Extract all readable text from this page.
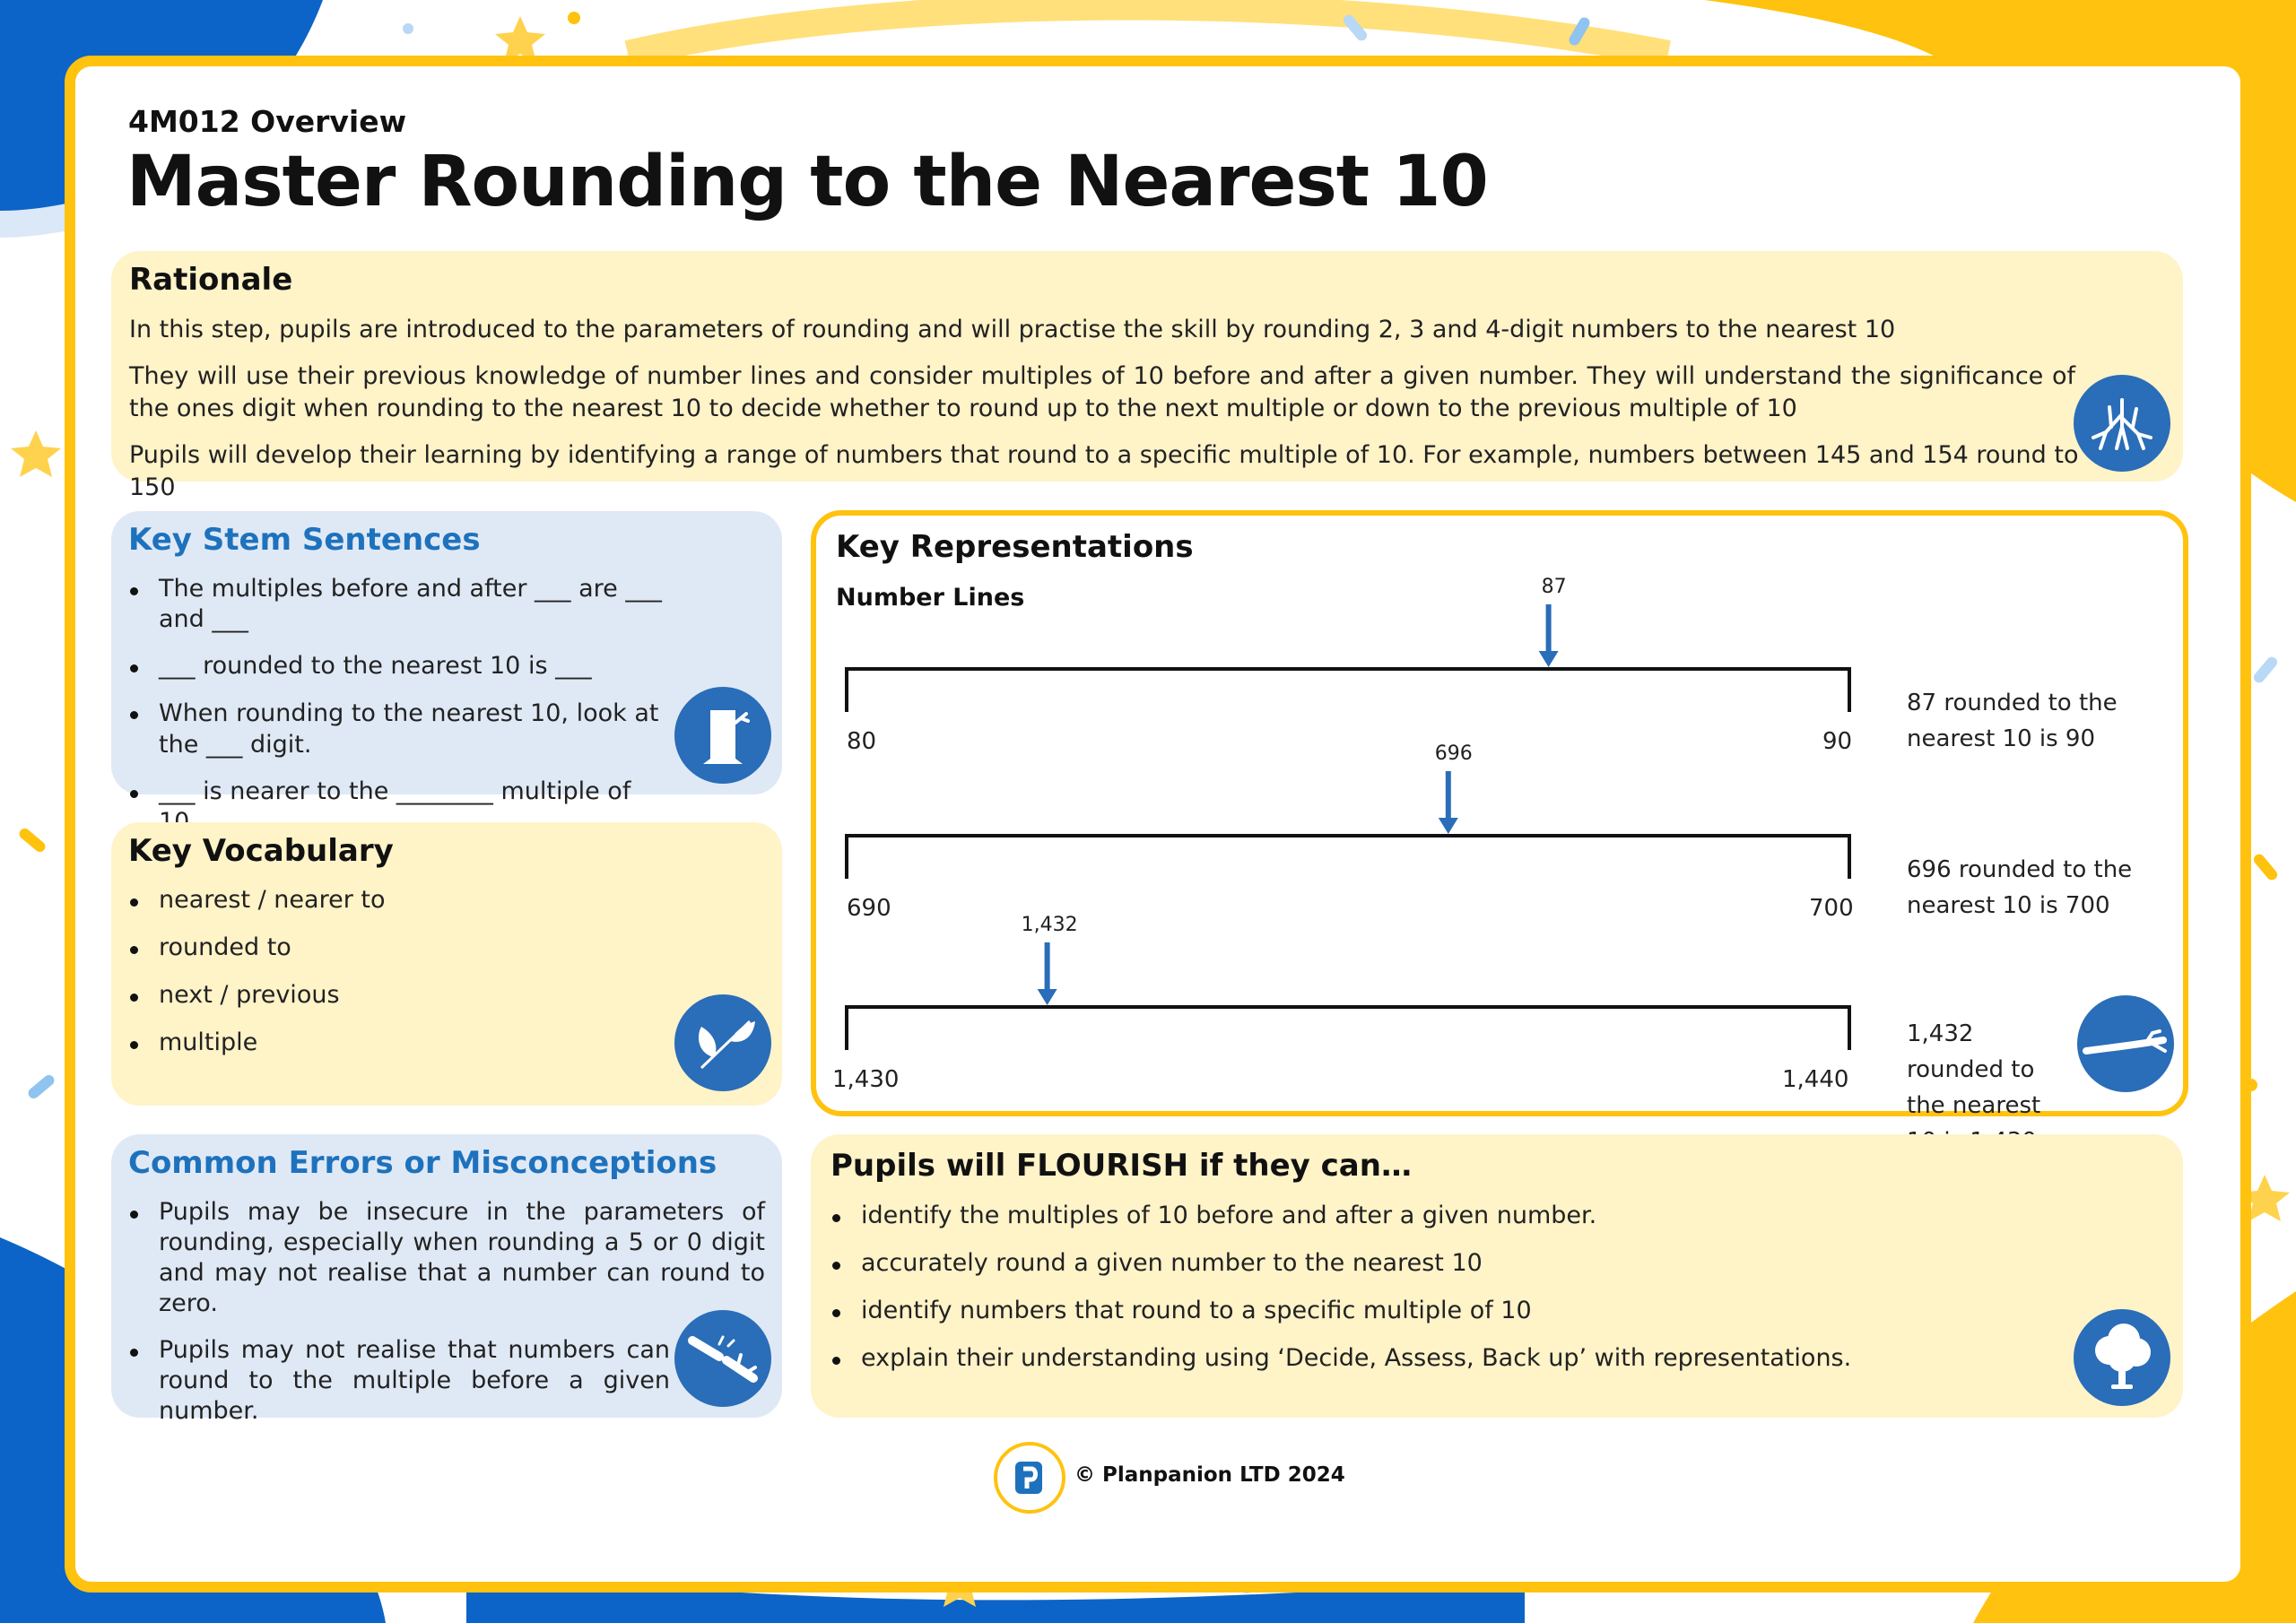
4M012 Overview
Master Rounding to the Nearest 10
Rationale
In this step, pupils are introduced to the parameters of rounding and will practise the skill by rounding 2, 3 and 4-digit numbers to the nearest 10
They will use their previous knowledge of number lines and consider multiples of 10 before and after a given number. They will understand the significance of the ones digit when rounding to the nearest 10 to decide whether to round up to the next multiple or down to the previous multiple of 10
Pupils will develop their learning by identifying a range of numbers that round to a specific multiple of 10. For example, numbers between 145 and 154 round to 150
Key Stem Sentences
The multiples before and after ___ are ___ and ___
___ rounded to the nearest 10 is ___
When rounding to the nearest 10, look at the ___ digit.
___ is nearer to the ________ multiple of
Key Vocabulary
nearest / nearer to
rounded to
next / previous
multiple
Common Errors or Misconceptions
Pupils may be insecure in the parameters of rounding, especially when rounding a 5 or 0 digit and may not realise that a number can round to zero.
Pupils may not realise that numbers can round to the multiple before a given number.
Key Representations
Number Lines
80	90
87
87 rounded to the nearest 10 is 90
690	700
696
696 rounded to the nearest 10 is 700
1,430	1,440
1,432
1,432 rounded to the nearest
Pupils will FLOURISH if they can…
identify the multiples of 10 before and after a given number.
accurately round a given number to the nearest 10
identify numbers that round to a specific multiple of 10
explain their understanding using ‘Decide, Assess, Back up’ with representations.
© Planpanion LTD 2024
